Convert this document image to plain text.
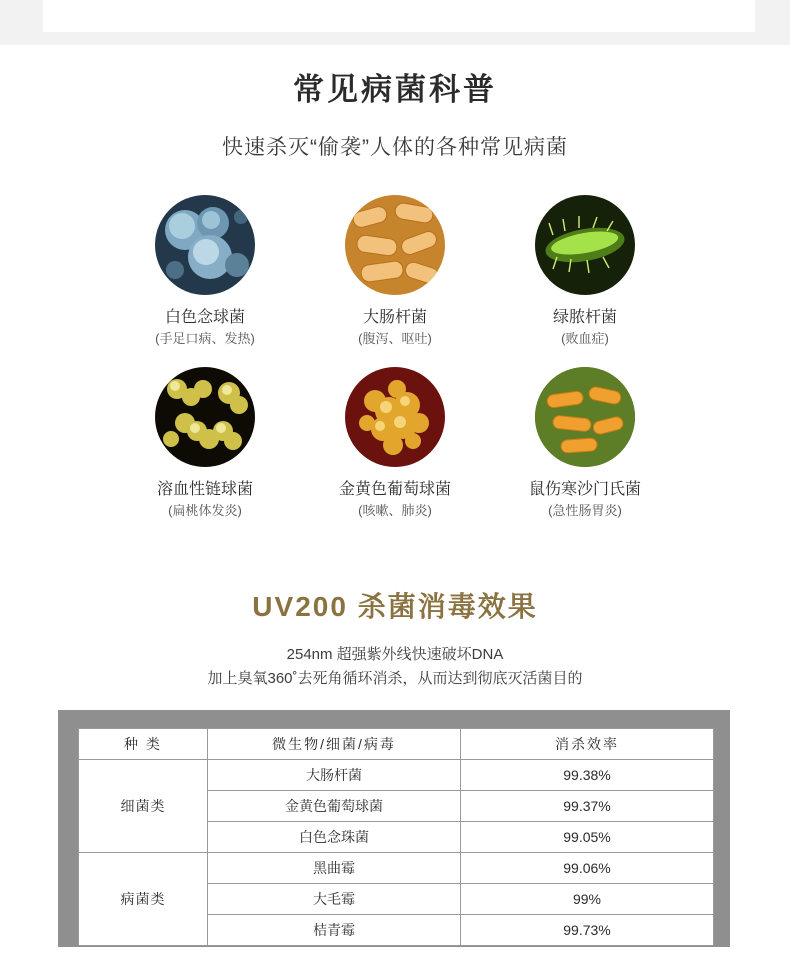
常见病菌科普
快速杀灭“偷袭”人体的各种常见病菌
白色念球菌
(手足口病、发热)
大肠杆菌
(腹泻、呕吐)
绿脓杆菌
(败血症)
溶血性链球菌
(扁桃体发炎)
金黄色葡萄球菌
(咳嗽、肺炎)
鼠伤寒沙门氏菌
(急性肠胃炎)
UV200 杀菌消毒效果
254nm 超强紫外线快速破坏DNA
加上臭氧360˚去死角循环消杀，从而达到彻底灭活菌目的
种 类	微生物/细菌/病毒	消杀效率
细菌类	大肠杆菌	99.38%
	金黄色葡萄球菌	99.37%
	白色念珠菌	99.05%
病菌类	黑曲霉	99.06%
	大毛霉	99%
	桔青霉	99.73%
